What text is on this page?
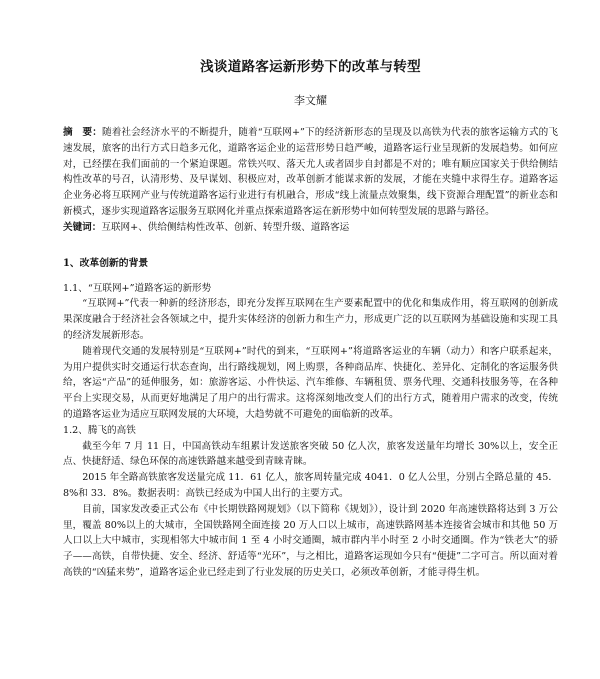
浅谈道路客运新形势下的改革与转型
李文耀

摘　要：随着社会经济水平的不断提升，随着“互联网+”下的经济新形态的呈现及以高铁为代表的旅客运输方式的飞速发展，旅客的出行方式日趋多元化，道路客运企业的运营形势日趋严峻，道路客运行业呈现新的发展趋势。如何应对，已经摆在我们面前的一个紧迫课题。常铁兴叹、落天尤人或者固步自封都是不对的；唯有顺应国家关于供给侧结构性改革的号召，认清形势、及早谋划、积极应对，改革创新才能谋求新的发展，才能在夹缝中求得生存。道路客运企业务必将互联网产业与传统道路客运行业进行有机融合，形成“线上流量点效聚集，线下资源合理配置”的新业态和新模式，逐步实现道路客运服务互联网化并重点探索道路客运在新形势中如何转型发展的思路与路径。

关键词：互联网+、供给侧结构性改革、创新、转型升级、道路客运

1、改革创新的背景
1.1、“互联网+”道路客运的新形势

“互联网+”代表一种新的经济形态，即充分发挥互联网在生产要素配置中的优化和集成作用，将互联网的创新成果深度融合于经济社会各领域之中，提升实体经济的创新力和生产力，形成更广泛的以互联网为基础设施和实现工具的经济发展新形态。

随着现代交通的发展特别是“互联网+”时代的到来，“互联网+”将道路客运业的车辆（动力）和客户联系起来，为用户提供实时交通运行状态查询，出行路线规划，网上购票，各种商品库、快捷化、差异化、定制化的客运服务供给，客运“产品”的延伸服务，如：旅游客运、小件快运、汽车维修、车辆租赁、票务代理、交通科技服务等，在各种平台上实现交易，从而更好地满足了用户的出行需求。这将深刻地改变人们的出行方式，随着用户需求的改变，传统的道路客运业为适应互联网发展的大环境，大趋势就不可避免的面临新的改革。

1.2、腾飞的高铁

截至今年 7 月 11 日，中国高铁动车组累计发送旅客突破 50 亿人次，旅客发送量年均增长 30%以上，安全正点、快捷舒适、绿色环保的高速铁路越来越受到青睐青睐。

2015 年全路高铁旅客发送量完成 11．61 亿人，旅客周转量完成 4041．0 亿人公里，分别占全路总量的 45．8%和 33．8%。数据表明：高铁已经成为中国人出行的主要方式。

目前，国家发改委正式公布《中长期铁路网规划》（以下简称《规划》），设计到 2020 年高速铁路将达到 3 万公里，覆盖 80%以上的大城市，全国铁路网全面连接 20 万人口以上城市，高速铁路网基本连接省会城市和其他 50 万人口以上大中城市，实现相邻大中城市间 1 至 4 小时交通圈，城市群内半小时至 2 小时交通圈。作为“铁老大”的骄子——高铁，自带快捷、安全、经济、舒适等“光环”，与之相比，道路客运现如今只有“便捷”二字可言。所以面对着高铁的“凶猛来势”，道路客运企业已经走到了行业发展的历史关口，必须改革创新，才能寻得生机。
